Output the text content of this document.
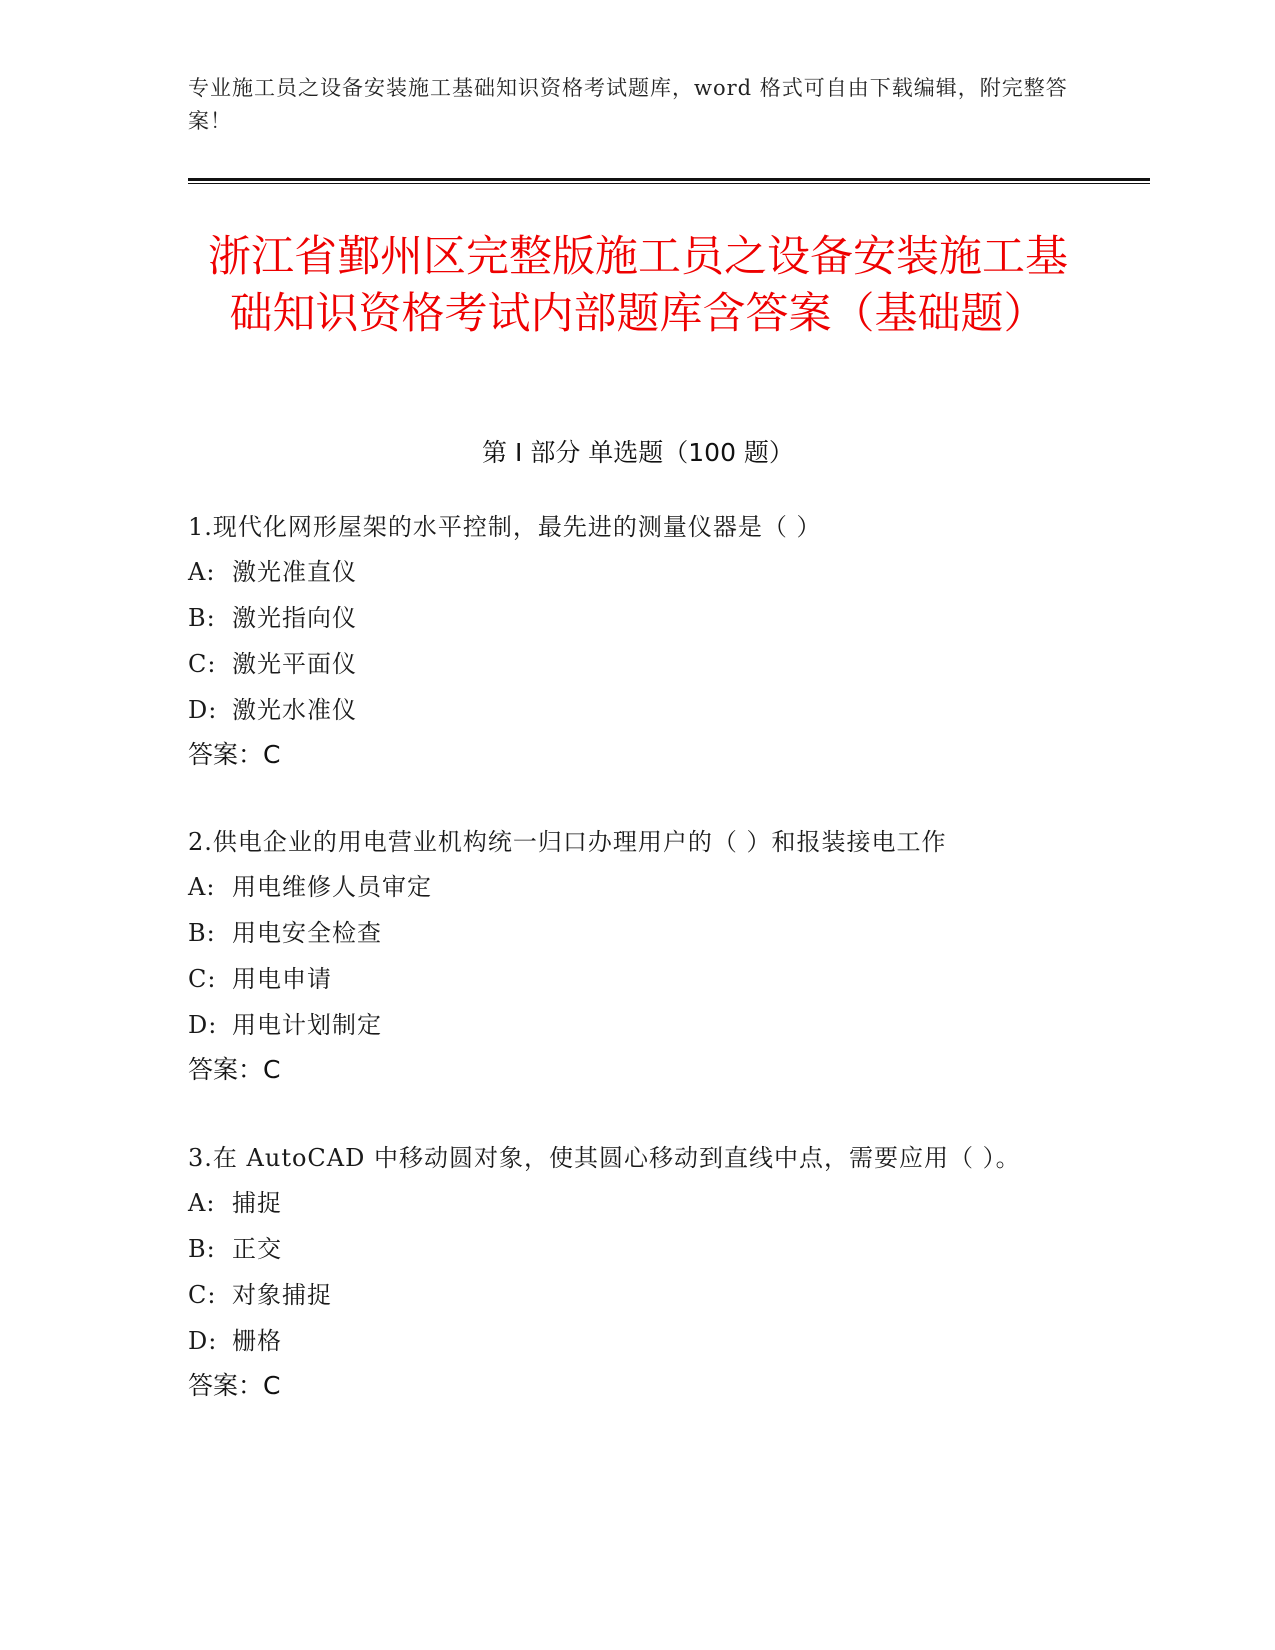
专业施工员之设备安装施工基础知识资格考试题库，word 格式可自由下载编辑，附完整答案！
浙江省鄞州区完整版施工员之设备安装施工基础知识资格考试内部题库含答案（基础题）
第 I 部分 单选题（100 题）
1.现代化网形屋架的水平控制，最先进的测量仪器是（ ）
A: 激光准直仪
B: 激光指向仪
C: 激光平面仪
D: 激光水准仪
答案：C
2.供电企业的用电营业机构统一归口办理用户的（ ）和报装接电工作
A: 用电维修人员审定
B: 用电安全检查
C: 用电申请
D: 用电计划制定
答案：C
3.在 AutoCAD 中移动圆对象，使其圆心移动到直线中点，需要应用（ ）。
A: 捕捉
B: 正交
C: 对象捕捉
D: 栅格
答案：C
